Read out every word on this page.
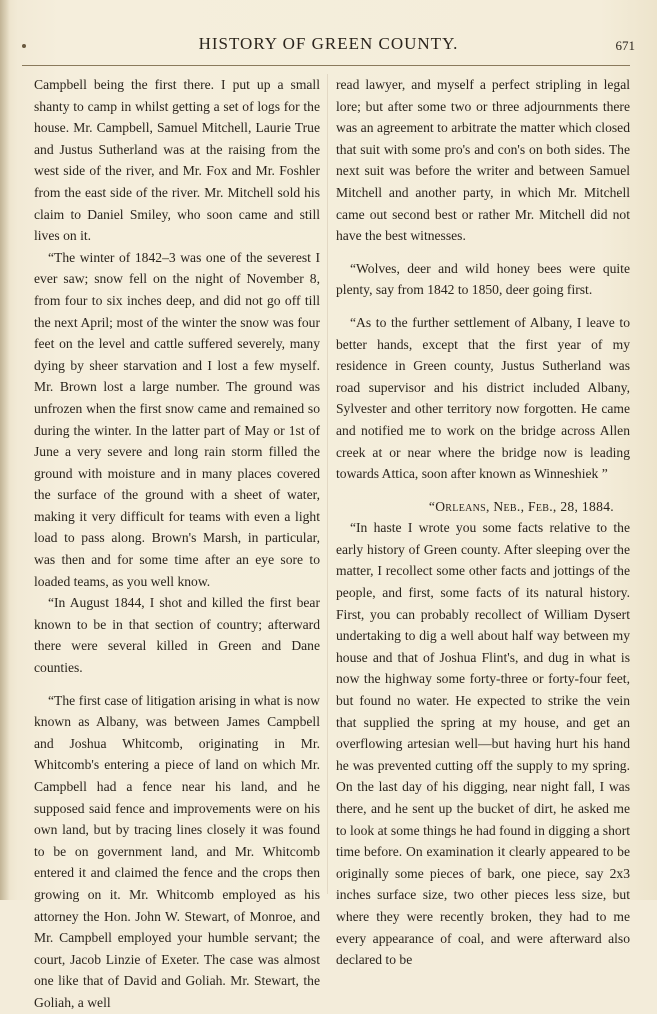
HISTORY OF GREEN COUNTY.	671

Campbell being the first there. I put up a small shanty to camp in whilst getting a set of logs for the house. Mr. Campbell, Samuel Mitchell, Laurie True and Justus Sutherland was at the raising from the west side of the river, and Mr. Fox and Mr. Foshler from the east side of the river. Mr. Mitchell sold his claim to Daniel Smiley, who soon came and still lives on it.

“The winter of 1842–3 was one of the severest I ever saw; snow fell on the night of November 8, from four to six inches deep, and did not go off till the next April; most of the winter the snow was four feet on the level and cattle suffered severely, many dying by sheer starvation and I lost a few myself. Mr. Brown lost a large number. The ground was unfrozen when the first snow came and remained so during the winter. In the latter part of May or 1st of June a very severe and long rain storm filled the ground with moisture and in many places covered the surface of the ground with a sheet of water, making it very difficult for teams with even a light load to pass along. Brown's Marsh, in particular, was then and for some time after an eye sore to loaded teams, as you well know.

“In August 1844, I shot and killed the first bear known to be in that section of country; afterward there were several killed in Green and Dane counties.

“The first case of litigation arising in what is now known as Albany, was between James Campbell and Joshua Whitcomb, originating in Mr. Whitcomb's entering a piece of land on which Mr. Campbell had a fence near his land, and he supposed said fence and improvements were on his own land, but by tracing lines closely it was found to be on government land, and Mr. Whitcomb entered it and claimed the fence and the crops then growing on it. Mr. Whitcomb employed as his attorney the Hon. John W. Stewart, of Monroe, and Mr. Campbell employed your humble servant; the court, Jacob Linzie of Exeter. The case was almost one like that of David and Goliah. Mr. Stewart, the Goliah, a well

read lawyer, and myself a perfect stripling in legal lore; but after some two or three adjournments there was an agreement to arbitrate the matter which closed that suit with some pro's and con's on both sides. The next suit was before the writer and between Samuel Mitchell and another party, in which Mr. Mitchell came out second best or rather Mr. Mitchell did not have the best witnesses.

“Wolves, deer and wild honey bees were quite plenty, say from 1842 to 1850, deer going first.

“As to the further settlement of Albany, I leave to better hands, except that the first year of my residence in Green county, Justus Sutherland was road supervisor and his district included Albany, Sylvester and other territory now forgotten. He came and notified me to work on the bridge across Allen creek at or near where the bridge now is leading towards Attica, soon after known as Winneshiek ”

“Orleans, Neb., Feb., 28, 1884.

“In haste I wrote you some facts relative to the early history of Green county. After sleeping over the matter, I recollect some other facts and jottings of the people, and first, some facts of its natural history. First, you can probably recollect of William Dysert undertaking to dig a well about half way between my house and that of Joshua Flint's, and dug in what is now the highway some forty-three or forty-four feet, but found no water. He expected to strike the vein that supplied the spring at my house, and get an overflowing artesian well—but having hurt his hand he was prevented cutting off the supply to my spring. On the last day of his digging, near night fall, I was there, and he sent up the bucket of dirt, he asked me to look at some things he had found in digging a short time before. On examination it clearly appeared to be originally some pieces of bark, one piece, say 2x3 inches surface size, two other pieces less size, but where they were recently broken, they had to me every appearance of coal, and were afterward also declared to be
